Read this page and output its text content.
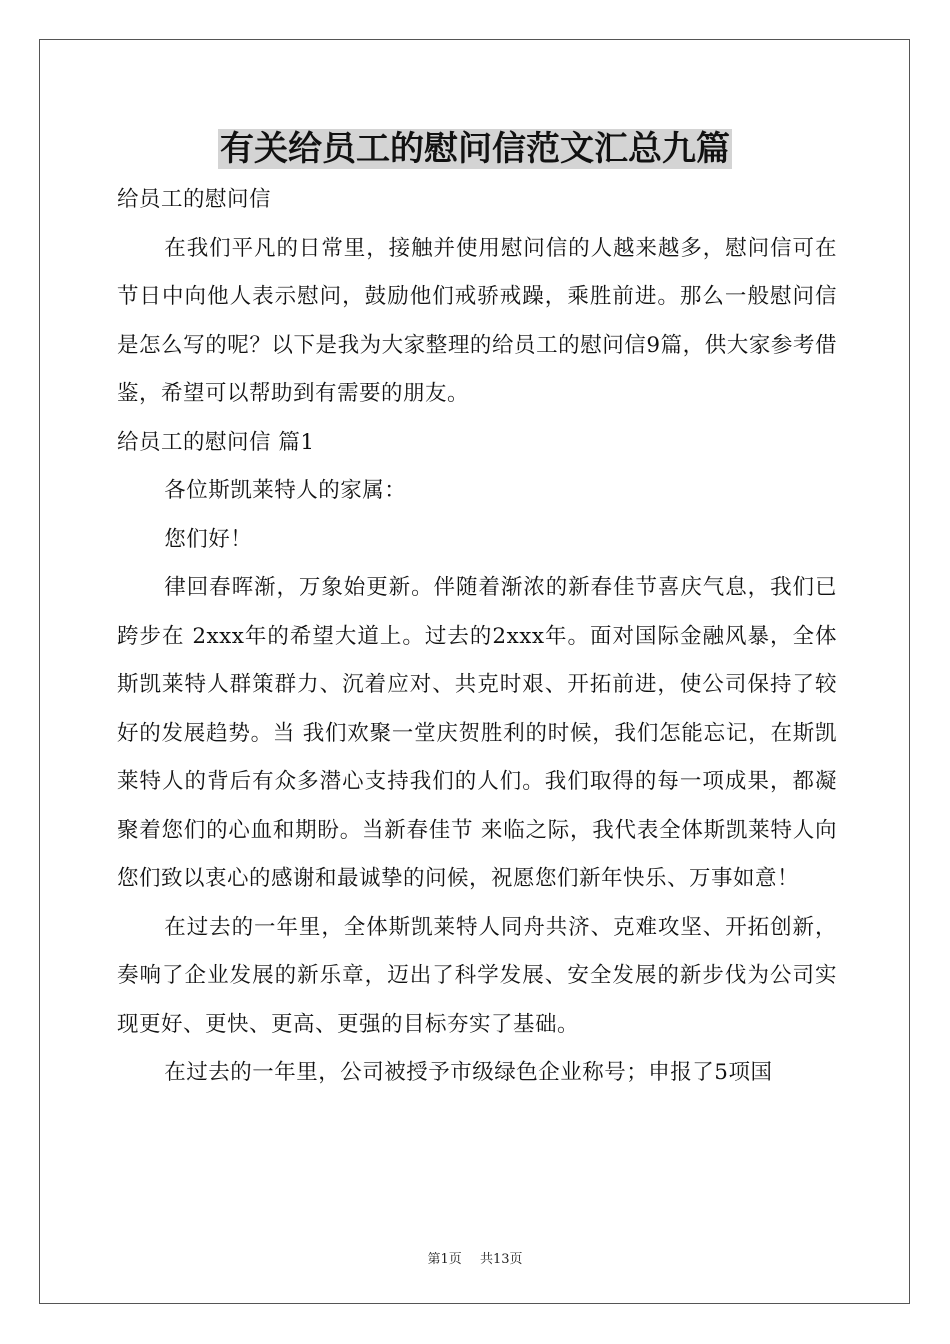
有关给员工的慰问信范文汇总九篇

给员工的慰问信

在我们平凡的日常里，接触并使用慰问信的人越来越多，慰问信可在节日中向他人表示慰问，鼓励他们戒骄戒躁，乘胜前进。那么一般慰问信是怎么写的呢？以下是我为大家整理的给员工的慰问信9篇，供大家参考借鉴，希望可以帮助到有需要的朋友。

给员工的慰问信 篇1

各位斯凯莱特人的家属：

您们好！

律回春晖渐，万象始更新。伴随着渐浓的新春佳节喜庆气息，我们已跨步在 2xxx年的希望大道上。过去的2xxx年。面对国际金融风暴，全体斯凯莱特人群策群力、沉着应对、共克时艰、开拓前进，使公司保持了较好的发展趋势。当 我们欢聚一堂庆贺胜利的时候，我们怎能忘记，在斯凯莱特人的背后有众多潜心支持我们的人们。我们取得的每一项成果，都凝聚着您们的心血和期盼。当新春佳节 来临之际，我代表全体斯凯莱特人向您们致以衷心的感谢和最诚挚的问候，祝愿您们新年快乐、万事如意！

在过去的一年里，全体斯凯莱特人同舟共济、克难攻坚、开拓创新，奏响了企业发展的新乐章，迈出了科学发展、安全发展的新步伐为公司实现更好、更快、更高、更强的目标夯实了基础。

在过去的一年里，公司被授予市级绿色企业称号；申报了5项国

第1页 共13页
